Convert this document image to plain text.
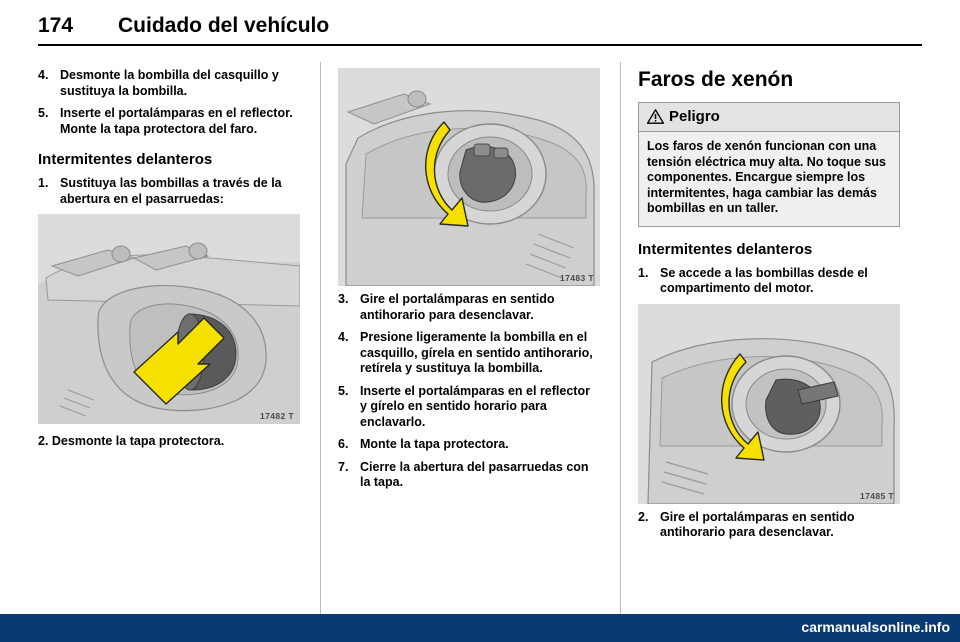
174 Cuidado del vehículo
4. Desmonte la bombilla del casquillo y sustituya la bombilla.
5. Inserte el portalámparas en el reflector. Monte la tapa protectora del faro.
Intermitentes delanteros
1. Sustituya las bombillas a través de la abertura en el pasarruedas:
17482 T
2. Desmonte la tapa protectora.
17483 T
3. Gire el portalámparas en sentido antihorario para desenclavar.
4. Presione ligeramente la bombilla en el casquillo, gírela en sentido antihorario, retírela y sustituya la bombilla.
5. Inserte el portalámparas en el reflector y gírelo en sentido horario para enclavarlo.
6. Monte la tapa protectora.
7. Cierre la abertura del pasarruedas con la tapa.
Faros de xenón
Peligro
Los faros de xenón funcionan con una tensión eléctrica muy alta. No toque sus componentes. Encargue siempre los intermitentes, haga cambiar las demás bombillas en un taller.
Intermitentes delanteros
1. Se accede a las bombillas desde el compartimento del motor.
17485 T
2. Gire el portalámparas en sentido antihorario para desenclavar.
carmanualsonline.info
